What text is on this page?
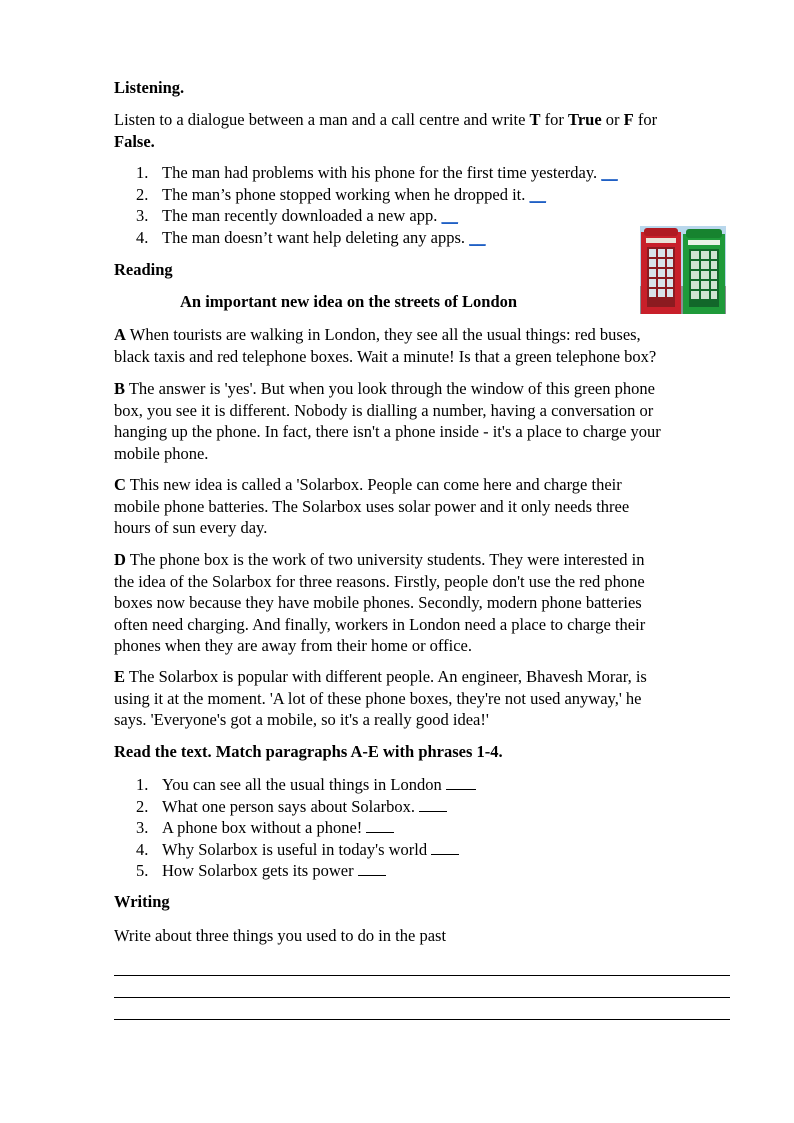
Listening.
Listen to a dialogue between a man and a call centre and write T for True or F for
False.
1. The man had problems with his phone for the first time yesterday. __
2. The man’s phone stopped working when he dropped it. __
3. The man recently downloaded a new app. __
4. The man doesn’t want help deleting any apps. __
Reading
An important new idea on the streets of London
A When tourists are walking in London, they see all the usual things: red buses,
black taxis and red telephone boxes. Wait a minute! Is that a green telephone box?
B The answer is 'yes'. But when you look through the window of this green phone
box, you see it is different. Nobody is dialling a number, having a conversation or
hanging up the phone. In fact, there isn't a phone inside - it's a place to charge your
mobile phone.
C This new idea is called a 'Solarbox. People can come here and charge their
mobile phone batteries. The Solarbox uses solar power and it only needs three
hours of sun every day.
D The phone box is the work of two university students. They were interested in
the idea of the Solarbox for three reasons. Firstly, people don't use the red phone
boxes now because they have mobile phones. Secondly, modern phone batteries
often need charging. And finally, workers in London need a place to charge their
phones when they are away from their home or office.
E The Solarbox is popular with different people. An engineer, Bhavesh Morar, is
using it at the moment. 'A lot of these phone boxes, they're not used anyway,' he
says. 'Everyone's got a mobile, so it's a really good idea!'
Read the text. Match paragraphs A-E with phrases 1-4.
1. You can see all the usual things in London
2. What one person says about Solarbox.
3. A phone box without a phone!
4. Why Solarbox is useful in today's world
5. How Solarbox gets its power
Writing
Write about three things you used to do in the past
